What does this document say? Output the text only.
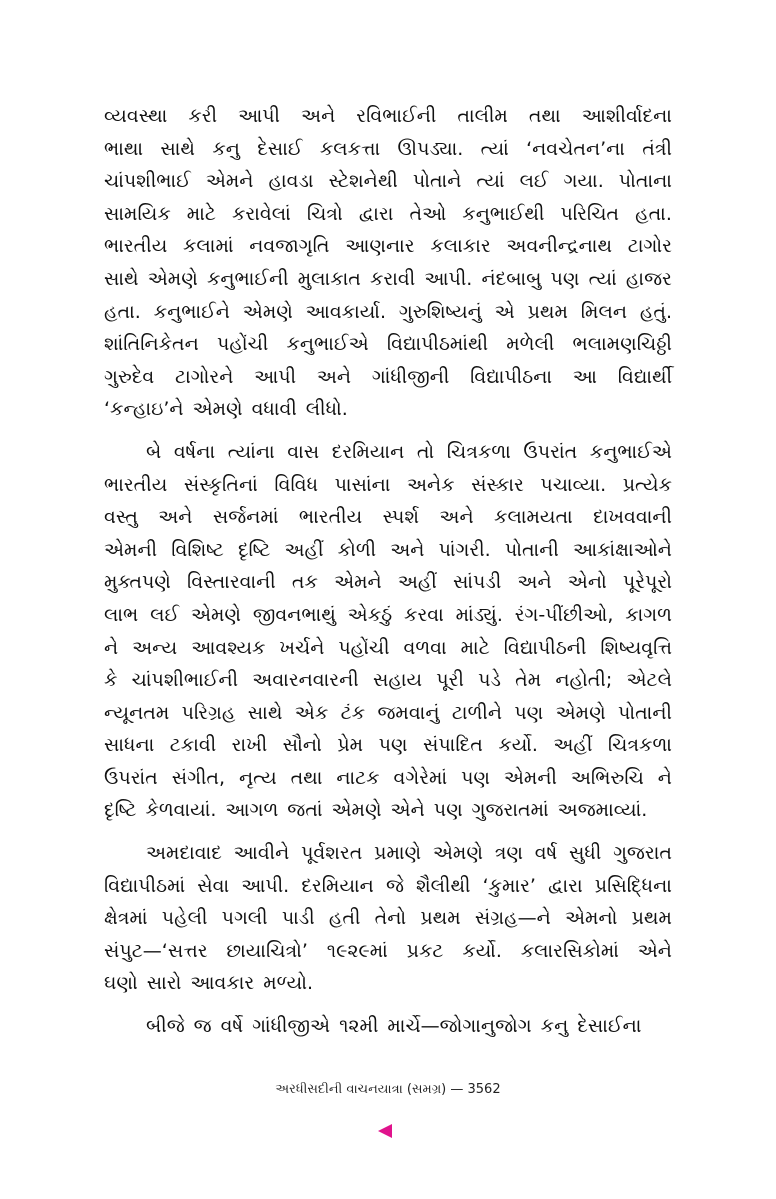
વ્યવસ્થા કરી આપી અને રવિભાઈની તાલીમ તથા આશીર્વાદના
ભાથા સાથે કનુ દેસાઈ કલકત્તા ઊપડ્યા. ત્યાં ‘નવચેતન’ના તંત્રી
ચાંપશીભાઈ એમને હાવડા સ્ટેશનેથી પોતાને ત્યાં લઈ ગયા. પોતાના
સામયિક માટે કરાવેલાં ચિત્રો દ્વારા તેઓ કનુભાઈથી પરિચિત હતા.
ભારતીય કલામાં નવજાગૃતિ આણનાર કલાકાર અવનીન્દ્રનાથ ટાગોર
સાથે એમણે કનુભાઈની મુલાકાત કરાવી આપી. નંદબાબુ પણ ત્યાં હાજર
હતા. કનુભાઈને એમણે આવકાર્યા. ગુરુશિષ્યનું એ પ્રથમ મિલન હતું.
શાંતિનિકેતન પહોંચી કનુભાઈએ વિદ્યાપીઠમાંથી મળેલી ભલામણચિઠ્ઠી
ગુરુદેવ ટાગોરને આપી અને ગાંધીજીની વિદ્યાપીઠના આ વિદ્યાર્થી
‘કન્હાઇ’ને એમણે વધાવી લીધો.
બે વર્ષના ત્યાંના વાસ દરમિયાન તો ચિત્રકળા ઉપરાંત કનુભાઈએ
ભારતીય સંસ્કૃતિનાં વિવિધ પાસાંના અનેક સંસ્કાર પચાવ્યા. પ્રત્યેક
વસ્તુ અને સર્જનમાં ભારતીય સ્પર્શ અને કલામયતા દાખવવાની
એમની વિશિષ્ટ દૃષ્ટિ અહીં કોળી અને પાંગરી. પોતાની આકાંક્ષાઓને
મુક્તપણે વિસ્તારવાની તક એમને અહીં સાંપડી અને એનો પૂરેપૂરો
લાભ લઈ એમણે જીવનભાથું એકઠું કરવા માંડ્યું. રંગ-પીંછીઓ, કાગળ
ને અન્ય આવશ્યક ખર્ચને પહોંચી વળવા માટે વિદ્યાપીઠની શિષ્યવૃત્તિ
કે ચાંપશીભાઈની અવારનવારની સહાય પૂરી પડે તેમ નહોતી; એટલે
ન્યૂનતમ પરિગ્રહ સાથે એક ટંક જમવાનું ટાળીને પણ એમણે પોતાની
સાધના ટકાવી રાખી સૌનો પ્રેમ પણ સંપાદિત કર્યો. અહીં ચિત્રકળા
ઉપરાંત સંગીત, નૃત્ય તથા નાટક વગેરેમાં પણ એમની અભિરુચિ ને
દૃષ્ટિ કેળવાયાં. આગળ જતાં એમણે એને પણ ગુજરાતમાં અજમાવ્યાં.
અમદાવાદ આવીને પૂર્વશરત પ્રમાણે એમણે ત્રણ વર્ષ સુધી ગુજરાત
વિદ્યાપીઠમાં સેવા આપી. દરમિયાન જે શૈલીથી ‘કુમાર’ દ્વારા પ્રસિદ્ધિના
ક્ષેત્રમાં પહેલી પગલી પાડી હતી તેનો પ્રથમ સંગ્રહ—ને એમનો પ્રથમ
સંપુટ—‘સત્તર છાયાચિત્રો’ ૧૯૨૯માં પ્રકટ કર્યો. કલારસિકોમાં એને
ઘણો સારો આવકાર મળ્યો.
બીજે જ વર્ષે ગાંધીજીએ ૧૨મી માર્ચે—જોગાનુજોગ કનુ દેસાઈના
અરધીસદીની વાચનયાત્રા (સમગ્ર) — 3562
